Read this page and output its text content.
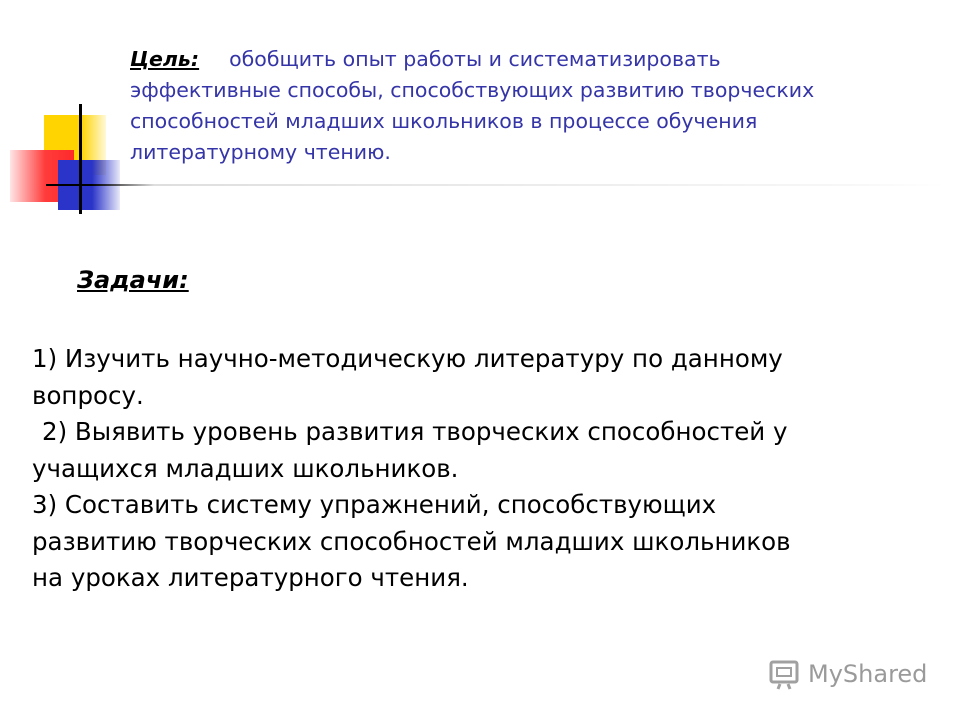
Цель: обобщить опыт работы и систематизировать
эффективные способы, способствующих развитию творческих
способностей младших школьников в процессе обучения
литературному чтению.
Задачи:
1) Изучить научно-методическую литературу по данному
вопросу.
2) Выявить уровень развития творческих способностей у
учащихся младших школьников.
3) Составить систему упражнений, способствующих
развитию творческих способностей младших школьников
на уроках литературного чтения.
MyShared
